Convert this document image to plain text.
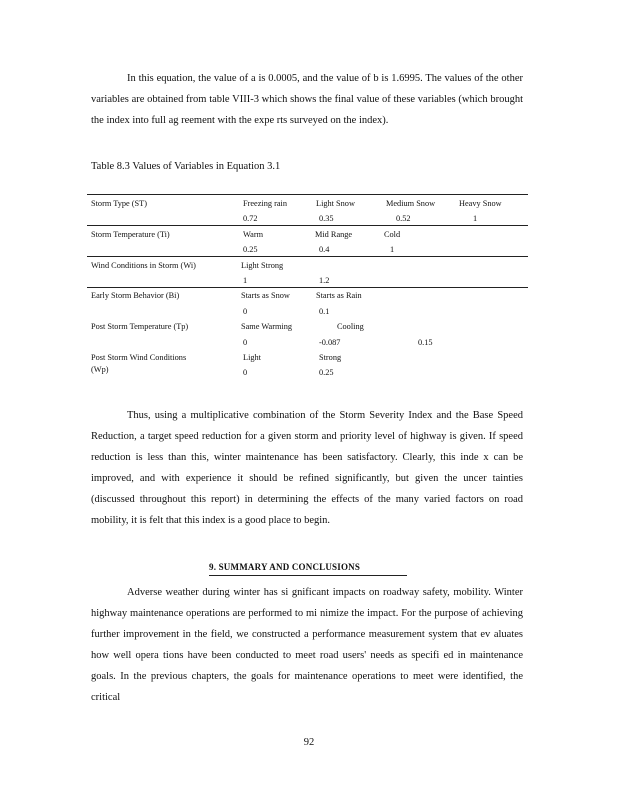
In this equation, the value of a is 0.0005, and the value of b is 1.6995. The values of the other variables are obtained from table VIII-3 which shows the final value of these variables (which brought the index into full ag reement with the expe rts surveyed on the index).

Table 8.3 Values of Variables in Equation 3.1
Storm Type (ST)	Freezing rain	Light Snow	Medium Snow	Heavy Snow
0.72	0.35	0.52	1
Storm Temperature (Ti)	Warm	Mid Range	Cold
0.25	0.4	1
Wind Conditions in Storm (Wi)	Light Strong
1	1.2
Early Storm Behavior (Bi)	Starts as Snow	Starts as Rain
0	0.1
Post Storm Temperature (Tp)	Same Warming	Cooling
0	-0.087	0.15
Post Storm Wind Conditions
(Wp)
Light	Strong
0	0.25

Thus, using a multiplicative combination of the Storm Severity Index and the Base Speed Reduction, a target speed reduction for a given storm and priority level of highway is given. If speed reduction is less than this, winter maintenance has been satisfactory. Clearly, this inde x can be improved, and with experience it should be refined significantly, but given the uncer tainties (discussed throughout this report) in determining the effects of the many varied factors on road mobility, it is felt that this index is a good place to begin.

9. SUMMARY AND CONCLUSIONS

Adverse weather during winter has si gnificant impacts on roadway safety, mobility. Winter highway maintenance operations are performed to mi nimize the impact. For the purpose of achieving further improvement in the field, we constructed a performance measurement system that ev aluates how well opera tions have been conducted to meet road users' needs as specifi ed in maintenance goals. In the previous chapters, the goals for maintenance operations to meet were identified, the critical

92
